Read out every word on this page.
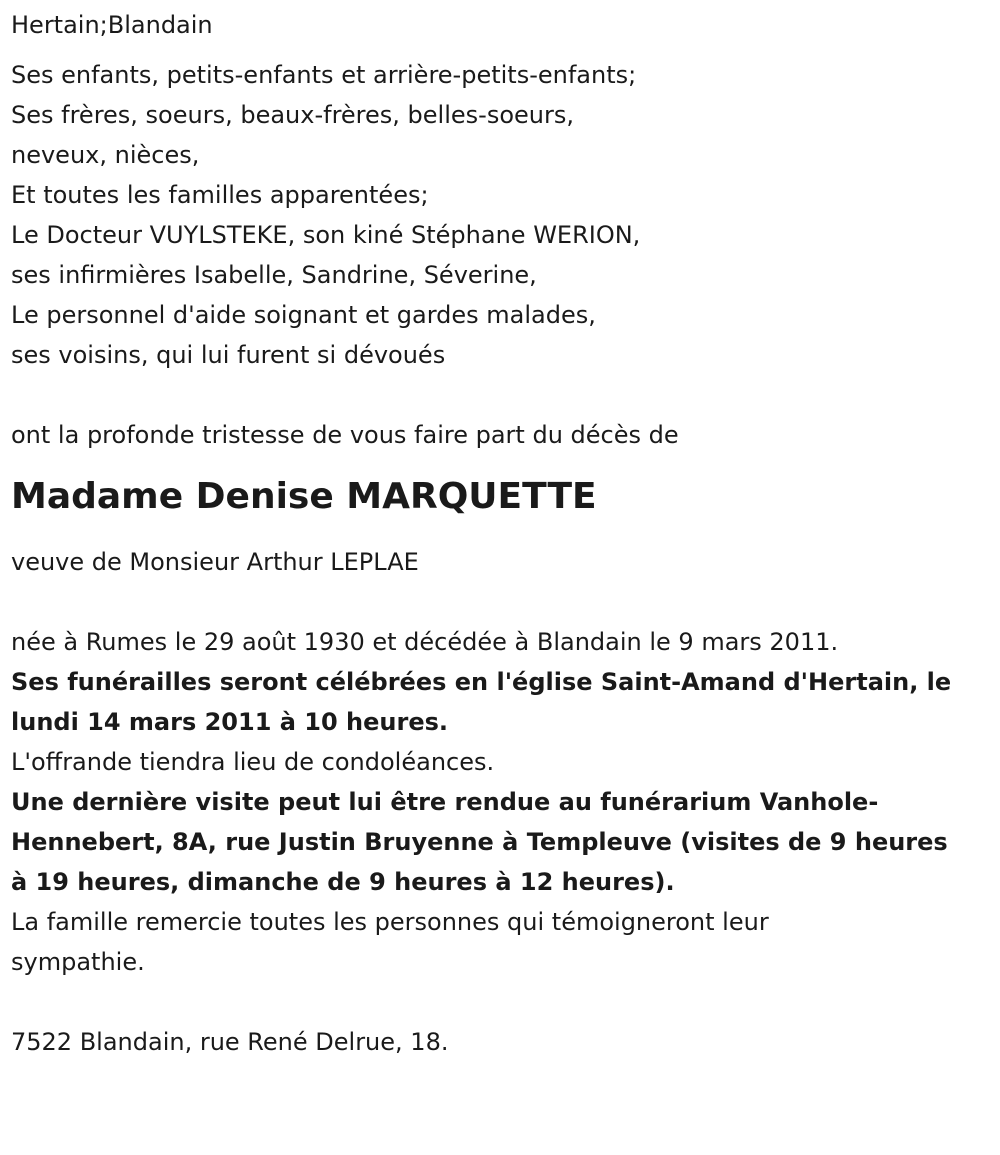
Hertain;Blandain
Ses enfants, petits-enfants et arrière-petits-enfants;
Ses frères, soeurs, beaux-frères, belles-soeurs,
neveux, nièces,
Et toutes les familles apparentées;
Le Docteur VUYLSTEKE, son kiné Stéphane WERION,
ses infirmières Isabelle, Sandrine, Séverine,
Le personnel d'aide soignant et gardes malades,
ses voisins, qui lui furent si dévoués
ont la profonde tristesse de vous faire part du décès de
Madame Denise MARQUETTE
veuve de Monsieur Arthur LEPLAE
née à Rumes le 29 août 1930 et décédée à Blandain le 9 mars 2011.
Ses funérailles seront célébrées en l'église Saint-Amand d'Hertain, le
lundi 14 mars 2011 à 10 heures.
L'offrande tiendra lieu de condoléances.
Une dernière visite peut lui être rendue au funérarium Vanhole-
Hennebert, 8A, rue Justin Bruyenne à Templeuve (visites de 9 heures
à 19 heures, dimanche de 9 heures à 12 heures).
La famille remercie toutes les personnes qui témoigneront leur
sympathie.
7522 Blandain, rue René Delrue, 18.
